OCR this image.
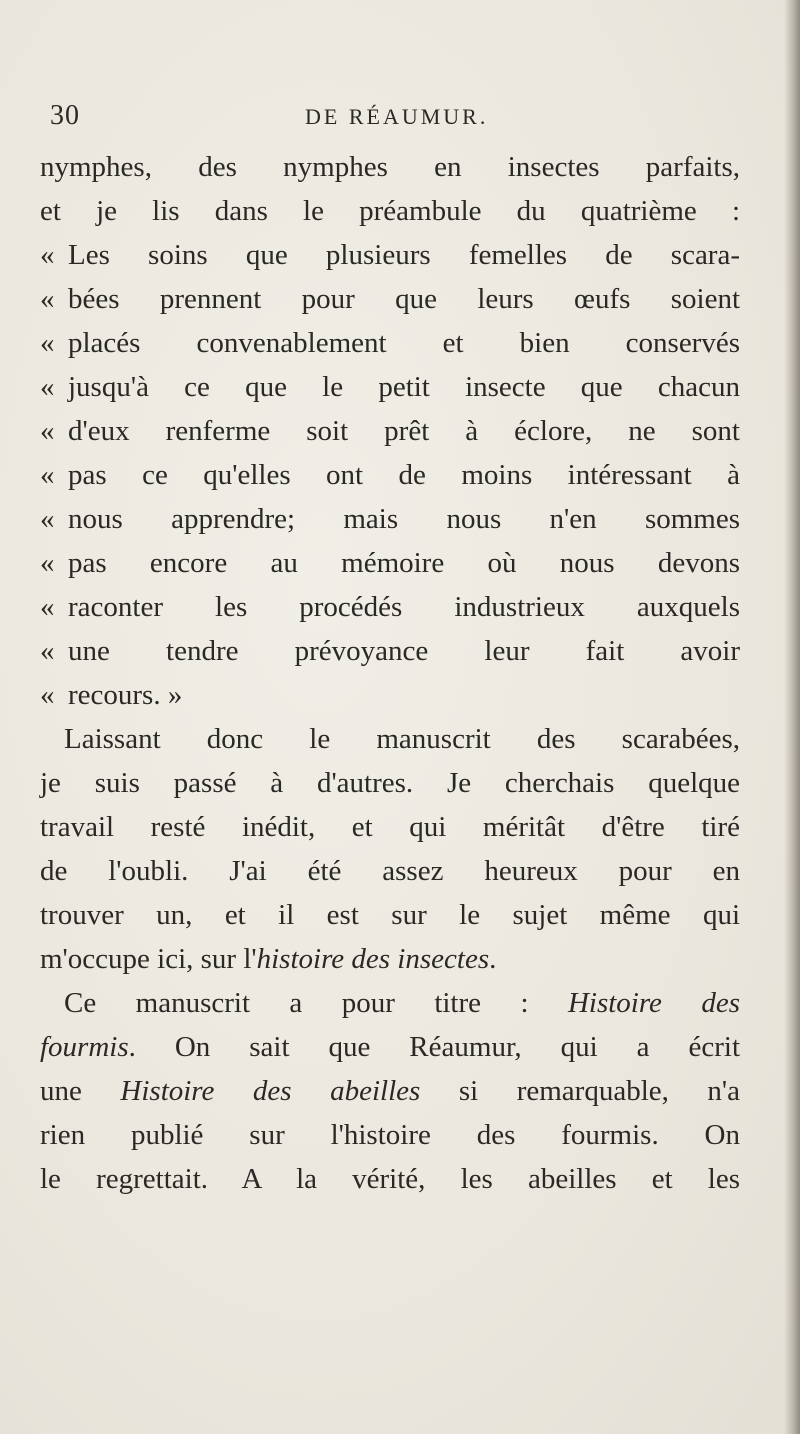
30	DE RÉAUMUR.
nymphes, des nymphes en insectes parfaits,
et je lis dans le préambule du quatrième :
« Les soins que plusieurs femelles de scara-
« bées prennent pour que leurs œufs soient
« placés convenablement et bien conservés
« jusqu'à ce que le petit insecte que chacun
« d'eux renferme soit prêt à éclore, ne sont
« pas ce qu'elles ont de moins intéressant à
« nous apprendre; mais nous n'en sommes
« pas encore au mémoire où nous devons
« raconter les procédés industrieux auxquels
« une tendre prévoyance leur fait avoir
« recours. »
Laissant donc le manuscrit des scarabées,
je suis passé à d'autres. Je cherchais quelque
travail resté inédit, et qui méritât d'être tiré
de l'oubli. J'ai été assez heureux pour en
trouver un, et il est sur le sujet même qui
m'occupe ici, sur l'histoire des insectes.
Ce manuscrit a pour titre : Histoire des
fourmis. On sait que Réaumur, qui a écrit
une Histoire des abeilles si remarquable, n'a
rien publié sur l'histoire des fourmis. On
le regrettait. A la vérité, les abeilles et les
